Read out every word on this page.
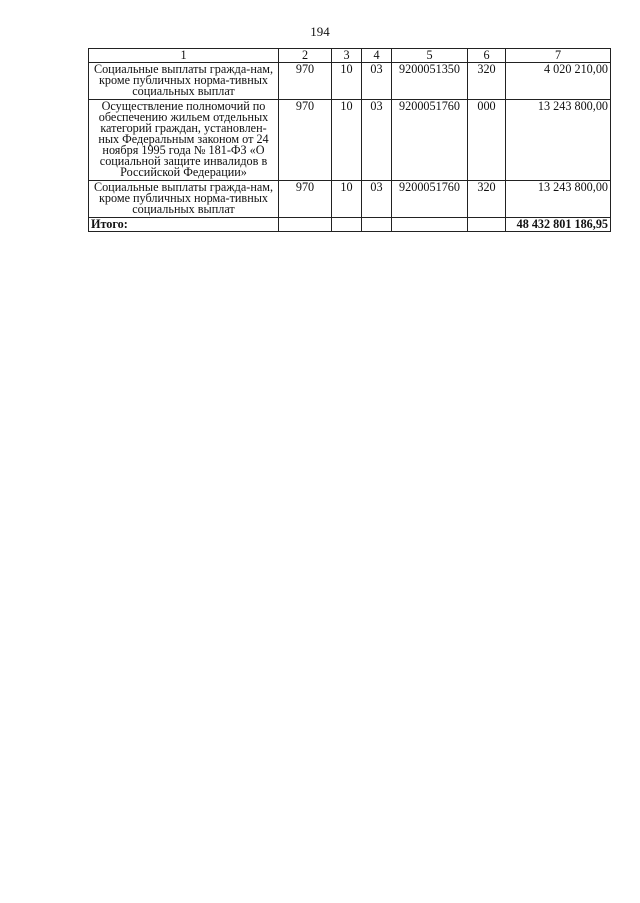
194
1	2	3	4	5	6	7
Социальные выплаты гражда-нам, кроме публичных норма-тивных социальных выплат	970	10	03	9200051350	320	4 020 210,00
Осуществление полномочий по обеспечению жильем отдельных категорий граждан, установлен-ных Федеральным законом от 24 ноября 1995 года № 181-ФЗ «О социальной защите инвалидов в Российской Федерации»	970	10	03	9200051760	000	13 243 800,00
Социальные выплаты гражда-нам, кроме публичных норма-тивных социальных выплат	970	10	03	9200051760	320	13 243 800,00
Итого:						48 432 801 186,95
